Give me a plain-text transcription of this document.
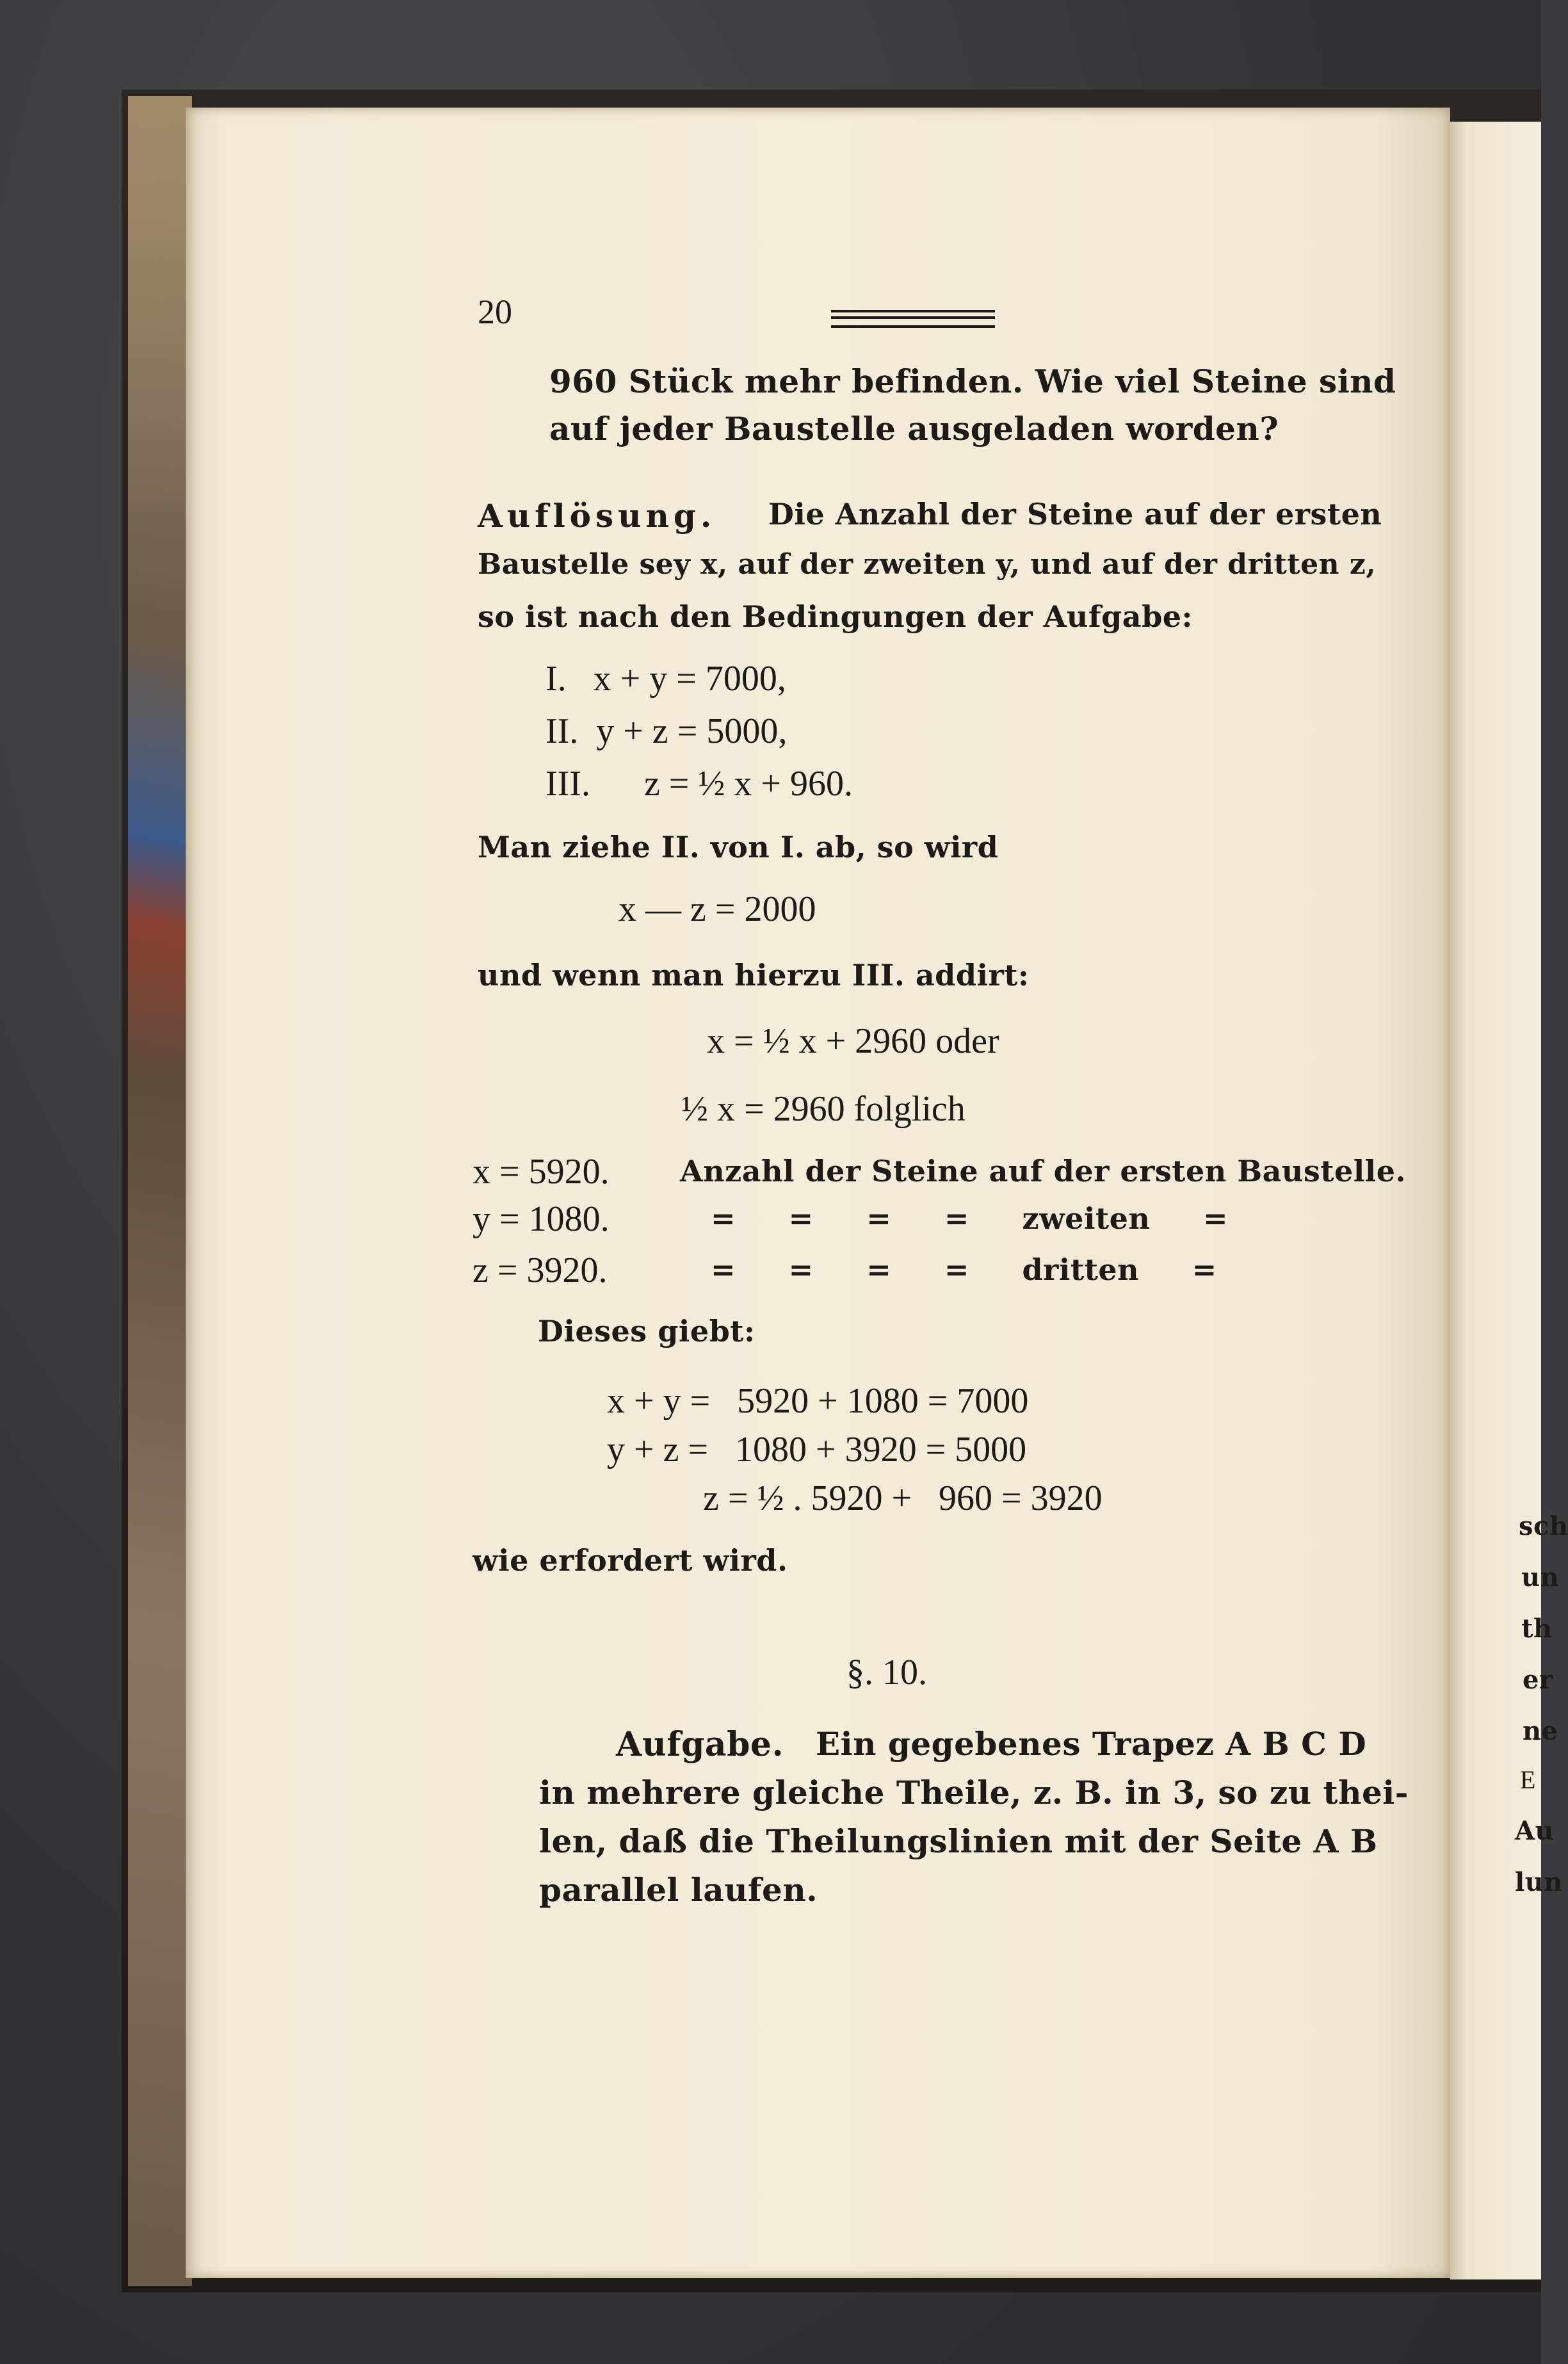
20
960 Stück mehr befinden. Wie viel Steine sind
auf jeder Baustelle ausgeladen worden?
Auflösung. Die Anzahl der Steine auf der ersten
Baustelle sey x, auf der zweiten y, und auf der dritten z,
so ist nach den Bedingungen der Aufgabe:
I.   x + y = 7000,
II.  y + z = 5000,
III.      z = ½ x + 960.
Man ziehe II. von I. ab, so wird
x — z = 2000
und wenn man hierzu III. addirt:
x = ½ x + 2960 oder
½ x = 2960 folglich
x = 5920. Anzahl der Steine auf der ersten Baustelle.
y = 1080.	=     =     =     =     zweiten     =
z = 3920.	=     =     =     =     dritten     =
Dieses giebt:
x + y =   5920 + 1080 = 7000
y + z =   1080 + 3920 = 5000
z = ½ . 5920 +   960 = 3920
wie erfordert wird.
§. 10.
Aufgabe. Ein gegebenes Trapez A B C D
in mehrere gleiche Theile, z. B. in 3, so zu thei-
len, daß die Theilungslinien mit der Seite A B
parallel laufen.
sch
un
th
er
ne
E
Au
lun
